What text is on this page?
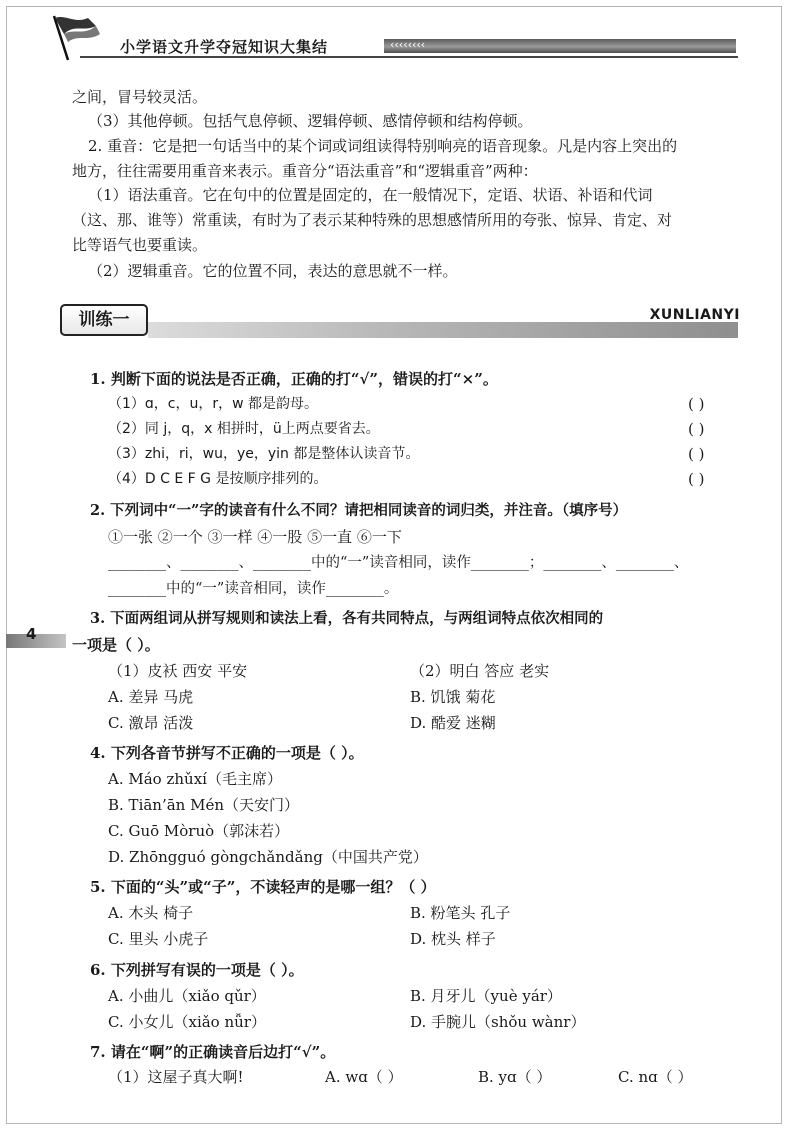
小学语文升学夺冠知识大集结	‹‹‹‹‹‹‹‹
之间，冒号较灵活。
（3）其他停顿。包括气息停顿、逻辑停顿、感情停顿和结构停顿。
2. 重音：它是把一句话当中的某个词或词组读得特别响亮的语音现象。凡是内容上突出的
地方，往往需要用重音来表示。重音分“语法重音”和“逻辑重音”两种：
（1）语法重音。它在句中的位置是固定的，在一般情况下，定语、状语、补语和代词
（这、那、谁等）常重读，有时为了表示某种特殊的思想感情所用的夸张、惊异、肯定、对
比等语气也要重读。
（2）逻辑重音。它的位置不同，表达的意思就不一样。
训练一	XUNLIANYI
4
1. 判断下面的说法是否正确，正确的打“√”，错误的打“×”。
（1）ɑ，c，u，r，w 都是韵母。	( )
（2）同 j，q，x 相拼时，ü上两点要省去。	( )
（3）zhi，ri，wu，ye，yin 都是整体认读音节。	( )
（4）D C E F G 是按顺序排列的。	( )
2. 下列词中“一”字的读音有什么不同？请把相同读音的词归类，并注音。（填序号）
①一张 ②一个 ③一样 ④一股 ⑤一直 ⑥一下
________、________、________中的“一”读音相同，读作________；________、________、
________中的“一”读音相同，读作________。
3. 下面两组词从拼写规则和读法上看，各有共同特点，与两组词特点依次相同的
一项是（ ）。
（1）皮袄 西安 平安	（2）明白 答应 老实
A. 差异 马虎	B. 饥饿 菊花
C. 激昂 活泼	D. 酷爱 迷糊
4. 下列各音节拼写不正确的一项是（ ）。
A. Máo zhǔxí（毛主席）
B. Tiān’ān Mén（天安门）
C. Guō Mòruò（郭沫若）
D. Zhōngguó gòngchǎndǎng（中国共产党）
5. 下面的“头”或“子”，不读轻声的是哪一组？（ ）
A. 木头 椅子	B. 粉笔头 孔子
C. 里头 小虎子	D. 枕头 样子
6. 下列拼写有误的一项是（ ）。
A. 小曲儿（xiǎo qǔr）	B. 月牙儿（yuè yár）
C. 小女儿（xiǎo nǚr）	D. 手腕儿（shǒu wànr）
7. 请在“啊”的正确读音后边打“√”。
（1）这屋子真大啊!	A. wɑ（ ）	B. yɑ（ ）	C. nɑ（ ）
